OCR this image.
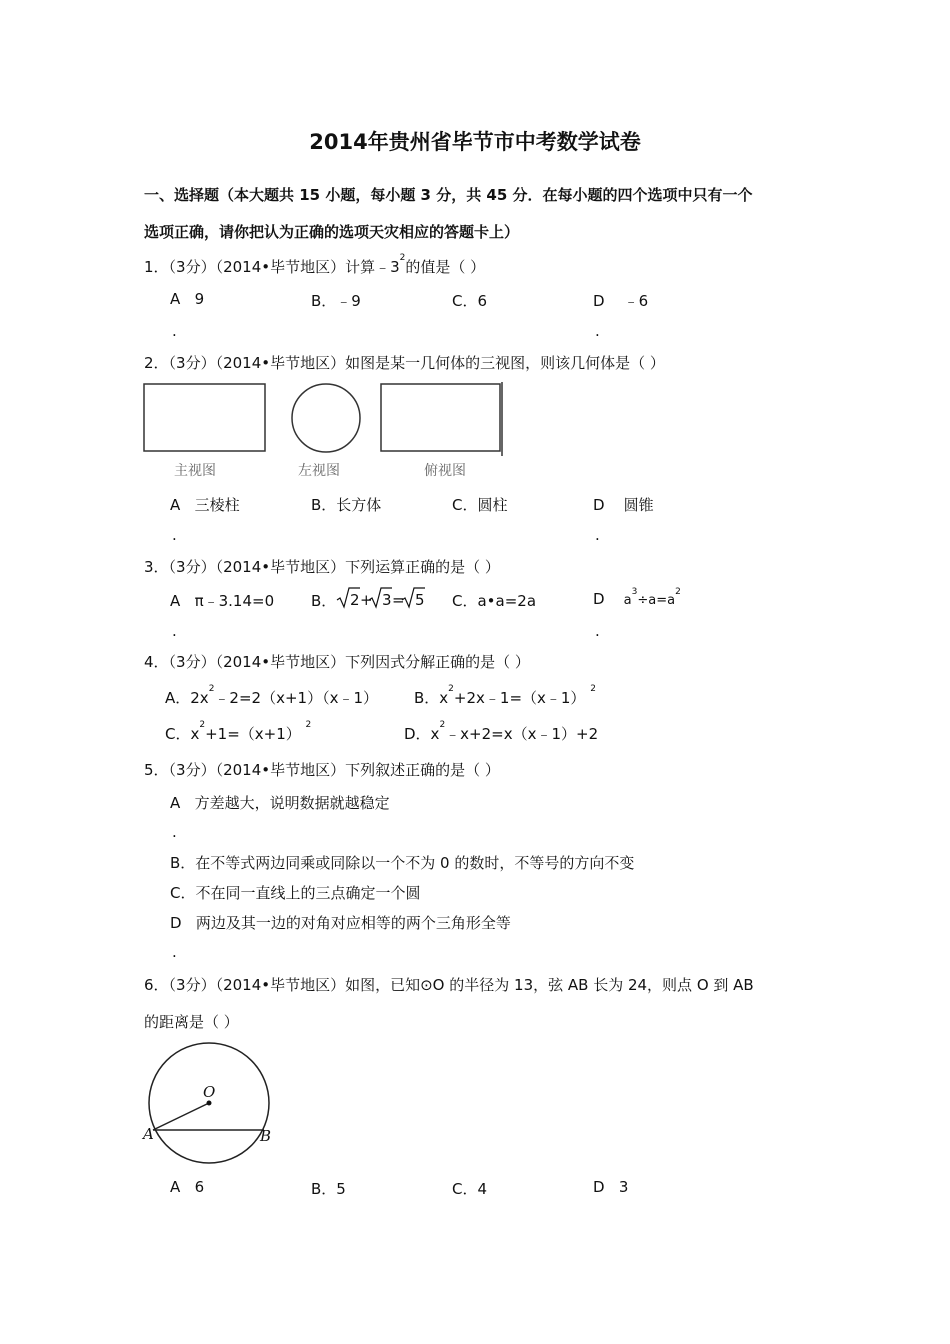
2014年贵州省毕节市中考数学试卷
一、选择题（本大题共 15 小题，每小题 3 分，共 45 分．在每小题的四个选项中只有一个
选项正确，请你把认为正确的选项天灾相应的答题卡上）
1．（3分）（2014•毕节地区）计算$﹣3^2$的值是（ ）
A 9
.
B．﹣9	C．6	D ﹣6
.
2．（3分）（2014•毕节地区）如图是某一几何体的三视图，则该几何体是（ ）
主视图	左视图	俯视图
A 三棱柱
.
B．长方体	C．圆柱	D 圆锥
.
3．（3分）（2014•毕节地区）下列运算正确的是（ ）
A π﹣3.14=0
.
B． 2 + 3 = 5 C．a•a=2a	D $a^3\div a=a^2$
.
4．（3分）（2014•毕节地区）下列因式分解正确的是（ ）
A．$2x^2﹣2=2(x+1)(x﹣1)$ B．$x^2+2x﹣1=(x﹣1)$ $^2$
C．$x^2+1=(x+1)$ $^2$	D．$x^2﹣x+2=x(x﹣1)+2$
5．（3分）（2014•毕节地区）下列叙述正确的是（ ）
A 方差越大，说明数据就越稳定
.
B．在不等式两边同乘或同除以一个不为 0 的数时，不等号的方向不变
C．不在同一直线上的三点确定一个圆
D 两边及其一边的对角对应相等的两个三角形全等
.
6．（3分）（2014•毕节地区）如图，已知⊙O 的半径为 13，弦 AB 长为 24，则点 O 到 AB
的距离是（ ）
O
A	B
A 6	B．5	C．4	D 3
